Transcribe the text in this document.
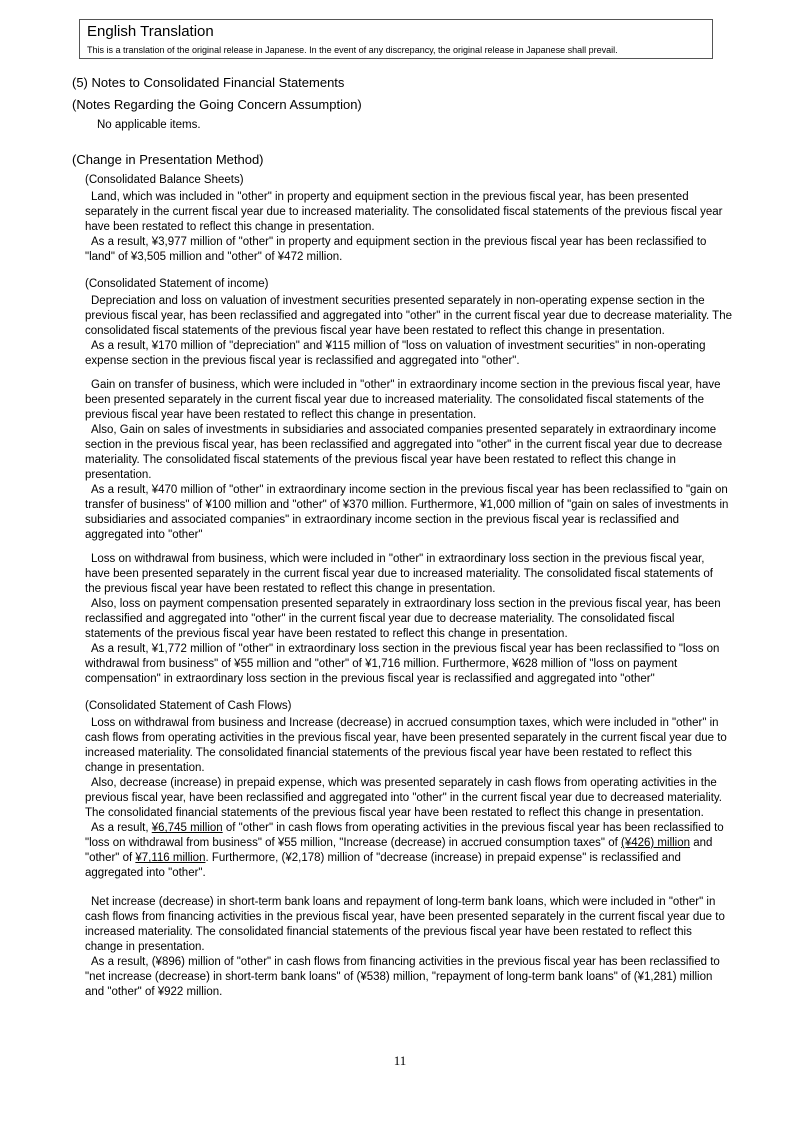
English Translation
This is a translation of the original release in Japanese. In the event of any discrepancy, the original release in Japanese shall prevail.

(5) Notes to Consolidated Financial Statements

(Notes Regarding the Going Concern Assumption)

No applicable items.

(Change in Presentation Method)

(Consolidated Balance Sheets)

Land, which was included in "other" in property and equipment section in the previous fiscal year, has been presented separately in the current fiscal year due to increased materiality. The consolidated fiscal statements of the previous fiscal year have been restated to reflect this change in presentation.

As a result, ¥3,977 million of "other" in property and equipment section in the previous fiscal year has been reclassified to "land" of ¥3,505 million and "other" of ¥472 million.

(Consolidated Statement of income)

Depreciation and loss on valuation of investment securities presented separately in non-operating expense section in the previous fiscal year, has been reclassified and aggregated into "other" in the current fiscal year due to decrease materiality. The consolidated fiscal statements of the previous fiscal year have been restated to reflect this change in presentation.

As a result, ¥170 million of "depreciation" and ¥115 million of "loss on valuation of investment securities" in non-operating expense section in the previous fiscal year is reclassified and aggregated into "other".

Gain on transfer of business, which were included in "other" in extraordinary income section in the previous fiscal year, have been presented separately in the current fiscal year due to increased materiality. The consolidated fiscal statements of the previous fiscal year have been restated to reflect this change in presentation.

Also, Gain on sales of investments in subsidiaries and associated companies presented separately in extraordinary income section in the previous fiscal year, has been reclassified and aggregated into "other" in the current fiscal year due to decrease materiality. The consolidated fiscal statements of the previous fiscal year have been restated to reflect this change in presentation.

As a result, ¥470 million of "other" in extraordinary income section in the previous fiscal year has been reclassified to "gain on transfer of business" of ¥100 million and "other" of ¥370 million. Furthermore, ¥1,000 million of "gain on sales of investments in subsidiaries and associated companies" in extraordinary income section in the previous fiscal year is reclassified and aggregated into "other"

Loss on withdrawal from business, which were included in "other" in extraordinary loss section in the previous fiscal year, have been presented separately in the current fiscal year due to increased materiality. The consolidated fiscal statements of the previous fiscal year have been restated to reflect this change in presentation.

Also, loss on payment compensation presented separately in extraordinary loss section in the previous fiscal year, has been reclassified and aggregated into "other" in the current fiscal year due to decrease materiality. The consolidated fiscal statements of the previous fiscal year have been restated to reflect this change in presentation.

As a result, ¥1,772 million of "other" in extraordinary loss section in the previous fiscal year has been reclassified to "loss on withdrawal from business" of ¥55 million and "other" of ¥1,716 million. Furthermore, ¥628 million of "loss on payment compensation" in extraordinary loss section in the previous fiscal year is reclassified and aggregated into "other"

(Consolidated Statement of Cash Flows)

Loss on withdrawal from business and Increase (decrease) in accrued consumption taxes, which were included in "other" in cash flows from operating activities in the previous fiscal year, have been presented separately in the current fiscal year due to increased materiality. The consolidated financial statements of the previous fiscal year have been restated to reflect this change in presentation.

Also, decrease (increase) in prepaid expense, which was presented separately in cash flows from operating activities in the previous fiscal year, have been reclassified and aggregated into "other" in the current fiscal year due to decreased materiality. The consolidated financial statements of the previous fiscal year have been restated to reflect this change in presentation.

As a result, ¥6,745 million of "other" in cash flows from operating activities in the previous fiscal year has been reclassified to "loss on withdrawal from business" of ¥55 million, "Increase (decrease) in accrued consumption taxes" of (¥426) million and "other" of ¥7,116 million. Furthermore, (¥2,178) million of "decrease (increase) in prepaid expense" is reclassified and aggregated into "other".

Net increase (decrease) in short-term bank loans and repayment of long-term bank loans, which were included in "other" in cash flows from financing activities in the previous fiscal year, have been presented separately in the current fiscal year due to increased materiality. The consolidated financial statements of the previous fiscal year have been restated to reflect this change in presentation.

As a result, (¥896) million of "other" in cash flows from financing activities in the previous fiscal year has been reclassified to "net increase (decrease) in short-term bank loans" of (¥538) million, "repayment of long-term bank loans" of (¥1,281) million and "other" of ¥922 million.

11
